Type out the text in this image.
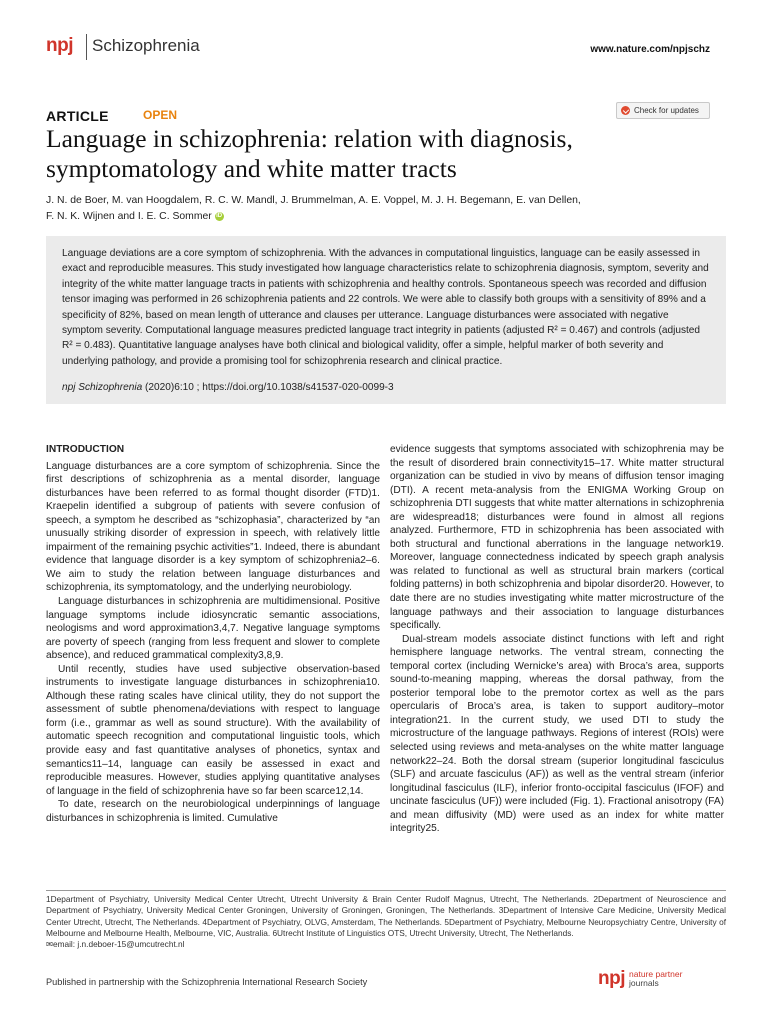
npj Schizophrenia	www.nature.com/npjschz
ARTICLE	OPEN	Check for updates
Language in schizophrenia: relation with diagnosis, symptomatology and white matter tracts
J. N. de Boer, M. van Hoogdalem, R. C. W. Mandl, J. Brummelman, A. E. Voppel, M. J. H. Begemann, E. van Dellen,
F. N. K. Wijnen and I. E. C. Sommer iD
Language deviations are a core symptom of schizophrenia. With the advances in computational linguistics, language can be easily assessed in exact and reproducible measures. This study investigated how language characteristics relate to schizophrenia diagnosis, symptom, severity and integrity of the white matter language tracts in patients with schizophrenia and healthy controls. Spontaneous speech was recorded and diffusion tensor imaging was performed in 26 schizophrenia patients and 22 controls. We were able to classify both groups with a sensitivity of 89% and a specificity of 82%, based on mean length of utterance and clauses per utterance. Language disturbances were associated with negative symptom severity. Computational language measures predicted language tract integrity in patients (adjusted R² = 0.467) and controls (adjusted R² = 0.483). Quantitative language analyses have both clinical and biological validity, offer a simple, helpful marker of both severity and underlying pathology, and provide a promising tool for schizophrenia research and clinical practice.
npj Schizophrenia (2020)6:10 ; https://doi.org/10.1038/s41537-020-0099-3
INTRODUCTION

Language disturbances are a core symptom of schizophrenia. Since the first descriptions of schizophrenia as a mental disorder, language disturbances have been referred to as formal thought disorder (FTD)1. Kraepelin identified a subgroup of patients with severe confusion of speech, a symptom he described as “schizophasia”, characterized by “an unusually striking disorder of expression in speech, with relatively little impairment of the remaining psychic activities”1. Indeed, there is abundant evidence that language disorder is a key symptom of schizophrenia2–6. We aim to study the relation between language disturbances and schizophrenia, its symptomatology, and the underlying neurobiology.

Language disturbances in schizophrenia are multidimensional. Positive language symptoms include idiosyncratic semantic associations, neologisms and word approximation3,4,7. Negative language symptoms are poverty of speech (ranging from less frequent and slower to complete absence), and reduced grammatical complexity3,8,9.

Until recently, studies have used subjective observation-based instruments to investigate language disturbances in schizophrenia10. Although these rating scales have clinical utility, they do not support the assessment of subtle phenomena/deviations with respect to language form (i.e., grammar as well as sound structure). With the availability of automatic speech recognition and computational linguistic tools, which provide easy and fast quantitative analyses of phonetics, syntax and semantics11–14, language can easily be assessed in exact and reproducible measures. However, studies applying quantitative analyses of language in the field of schizophrenia have so far been scarce12,14.

To date, research on the neurobiological underpinnings of language disturbances in schizophrenia is limited. Cumulative

evidence suggests that symptoms associated with schizophrenia may be the result of disordered brain connectivity15–17. White matter structural organization can be studied in vivo by means of diffusion tensor imaging (DTI). A recent meta-analysis from the ENIGMA Working Group on schizophrenia DTI suggests that white matter alternations in schizophrenia are widespread18; disturbances were found in almost all regions analyzed. Furthermore, FTD in schizophrenia has been associated with both structural and functional aberrations in the language network19. Moreover, language connectedness indicated by speech graph analysis was related to functional as well as structural brain markers (cortical folding patterns) in both schizophrenia and bipolar disorder20. However, to date there are no studies investigating white matter microstructure of the language pathways and their association to language disturbances specifically.

Dual-stream models associate distinct functions with left and right hemisphere language networks. The ventral stream, connecting the temporal cortex (including Wernicke’s area) with Broca’s area, supports sound-to-meaning mapping, whereas the dorsal pathway, from the posterior temporal lobe to the premotor cortex as well as the pars opercularis of Broca’s area, is taken to support auditory–motor integration21. In the current study, we used DTI to study the microstructure of the language pathways. Regions of interest (ROIs) were selected using reviews and meta-analyses on the white matter language network22–24. Both the dorsal stream (superior longitudinal fasciculus (SLF) and arcuate fasciculus (AF)) as well as the ventral stream (inferior longitudinal fasciculus (ILF), inferior fronto-occipital fasciculus (IFOF) and uncinate fasciculus (UF)) were included (Fig. 1). Fractional anisotropy (FA) and mean diffusivity (MD) were used as an index for white matter integrity25.

1Department of Psychiatry, University Medical Center Utrecht, Utrecht University & Brain Center Rudolf Magnus, Utrecht, The Netherlands. 2Department of Neuroscience and Department of Psychiatry, University Medical Center Groningen, University of Groningen, Groningen, The Netherlands. 3Department of Intensive Care Medicine, University Medical Center Utrecht, Utrecht, The Netherlands. 4Department of Psychiatry, OLVG, Amsterdam, The Netherlands. 5Department of Psychiatry, Melbourne Neuropsychiatry Centre, University of Melbourne and Melbourne Health, Melbourne, VIC, Australia. 6Utrecht Institute of Linguistics OTS, Utrecht University, Utrecht, The Netherlands.
✉email: j.n.deboer-15@umcutrecht.nl
Published in partnership with the Schizophrenia International Research Society	npj nature partner
journals
